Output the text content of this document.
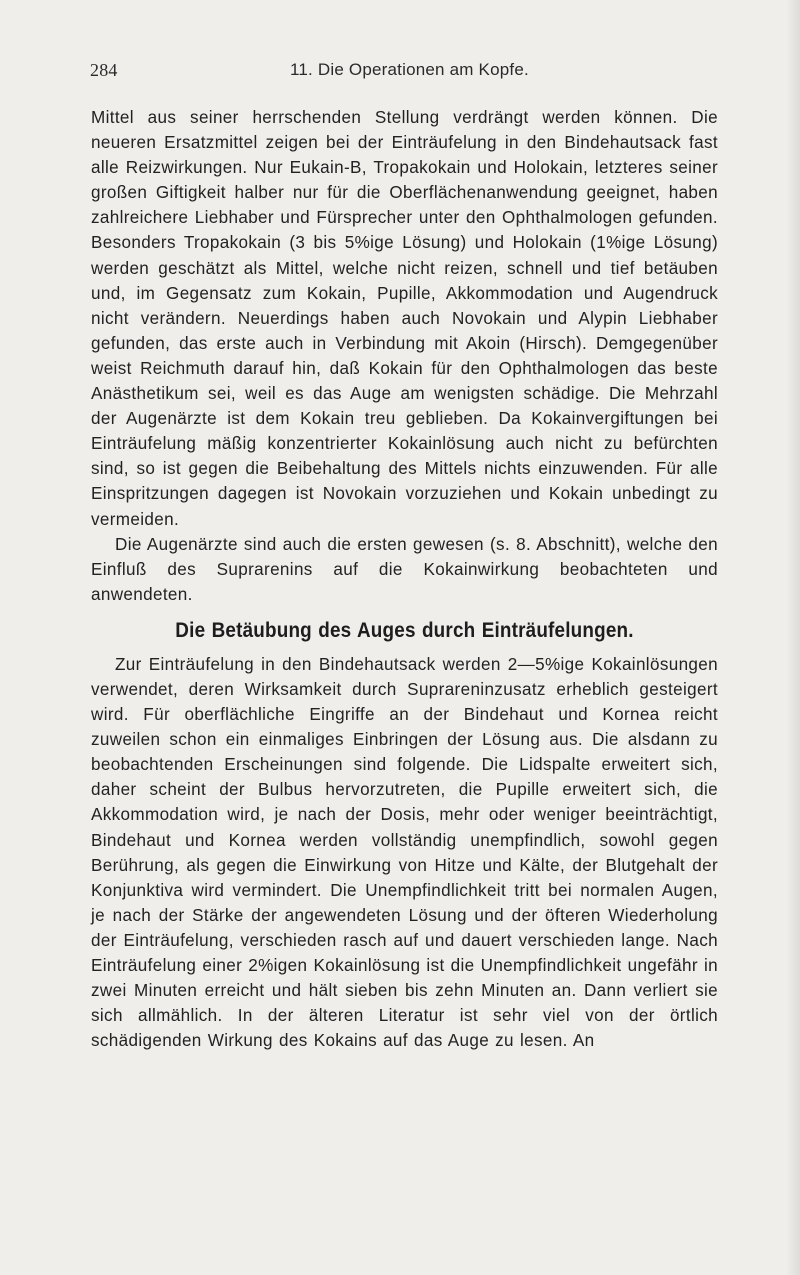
284	11. Die Operationen am Kopfe.

Mittel aus seiner herrschenden Stellung verdrängt werden können. Die neueren Ersatzmittel zeigen bei der Einträufelung in den Bindehautsack fast alle Reizwirkungen. Nur Eukain-B, Tropakokain und Holokain, letzteres seiner großen Giftigkeit halber nur für die Oberflächenanwendung geeignet, haben zahlreichere Liebhaber und Fürsprecher unter den Ophthalmologen gefunden. Besonders Tropakokain (3 bis 5%ige Lösung) und Holokain (1%ige Lösung) werden geschätzt als Mittel, welche nicht reizen, schnell und tief betäuben und, im Gegensatz zum Kokain, Pupille, Akkommodation und Augendruck nicht verändern. Neuerdings haben auch Novokain und Alypin Liebhaber gefunden, das erste auch in Verbindung mit Akoin (Hirsch). Demgegenüber weist Reichmuth darauf hin, daß Kokain für den Ophthalmologen das beste Anästhetikum sei, weil es das Auge am wenigsten schädige. Die Mehrzahl der Augenärzte ist dem Kokain treu geblieben. Da Kokainvergiftungen bei Einträufelung mäßig konzentrierter Kokainlösung auch nicht zu befürchten sind, so ist gegen die Beibehaltung des Mittels nichts einzuwenden. Für alle Einspritzungen dagegen ist Novokain vorzuziehen und Kokain unbedingt zu vermeiden.

Die Augenärzte sind auch die ersten gewesen (s. 8. Abschnitt), welche den Einfluß des Suprarenins auf die Kokainwirkung beobachteten und anwendeten.

Die Betäubung des Auges durch Einträufelungen.

Zur Einträufelung in den Bindehautsack werden 2—5%ige Kokainlösungen verwendet, deren Wirksamkeit durch Suprareninzusatz erheblich gesteigert wird. Für oberflächliche Eingriffe an der Bindehaut und Kornea reicht zuweilen schon ein einmaliges Einbringen der Lösung aus. Die alsdann zu beobachtenden Erscheinungen sind folgende. Die Lidspalte erweitert sich, daher scheint der Bulbus hervorzutreten, die Pupille erweitert sich, die Akkommodation wird, je nach der Dosis, mehr oder weniger beeinträchtigt, Bindehaut und Kornea werden vollständig unempfindlich, sowohl gegen Berührung, als gegen die Einwirkung von Hitze und Kälte, der Blutgehalt der Konjunktiva wird vermindert. Die Unempfindlichkeit tritt bei normalen Augen, je nach der Stärke der angewendeten Lösung und der öfteren Wiederholung der Einträufelung, verschieden rasch auf und dauert verschieden lange. Nach Einträufelung einer 2%igen Kokainlösung ist die Unempfindlichkeit ungefähr in zwei Minuten erreicht und hält sieben bis zehn Minuten an. Dann verliert sie sich allmählich. In der älteren Literatur ist sehr viel von der örtlich schädigenden Wirkung des Kokains auf das Auge zu lesen. An
